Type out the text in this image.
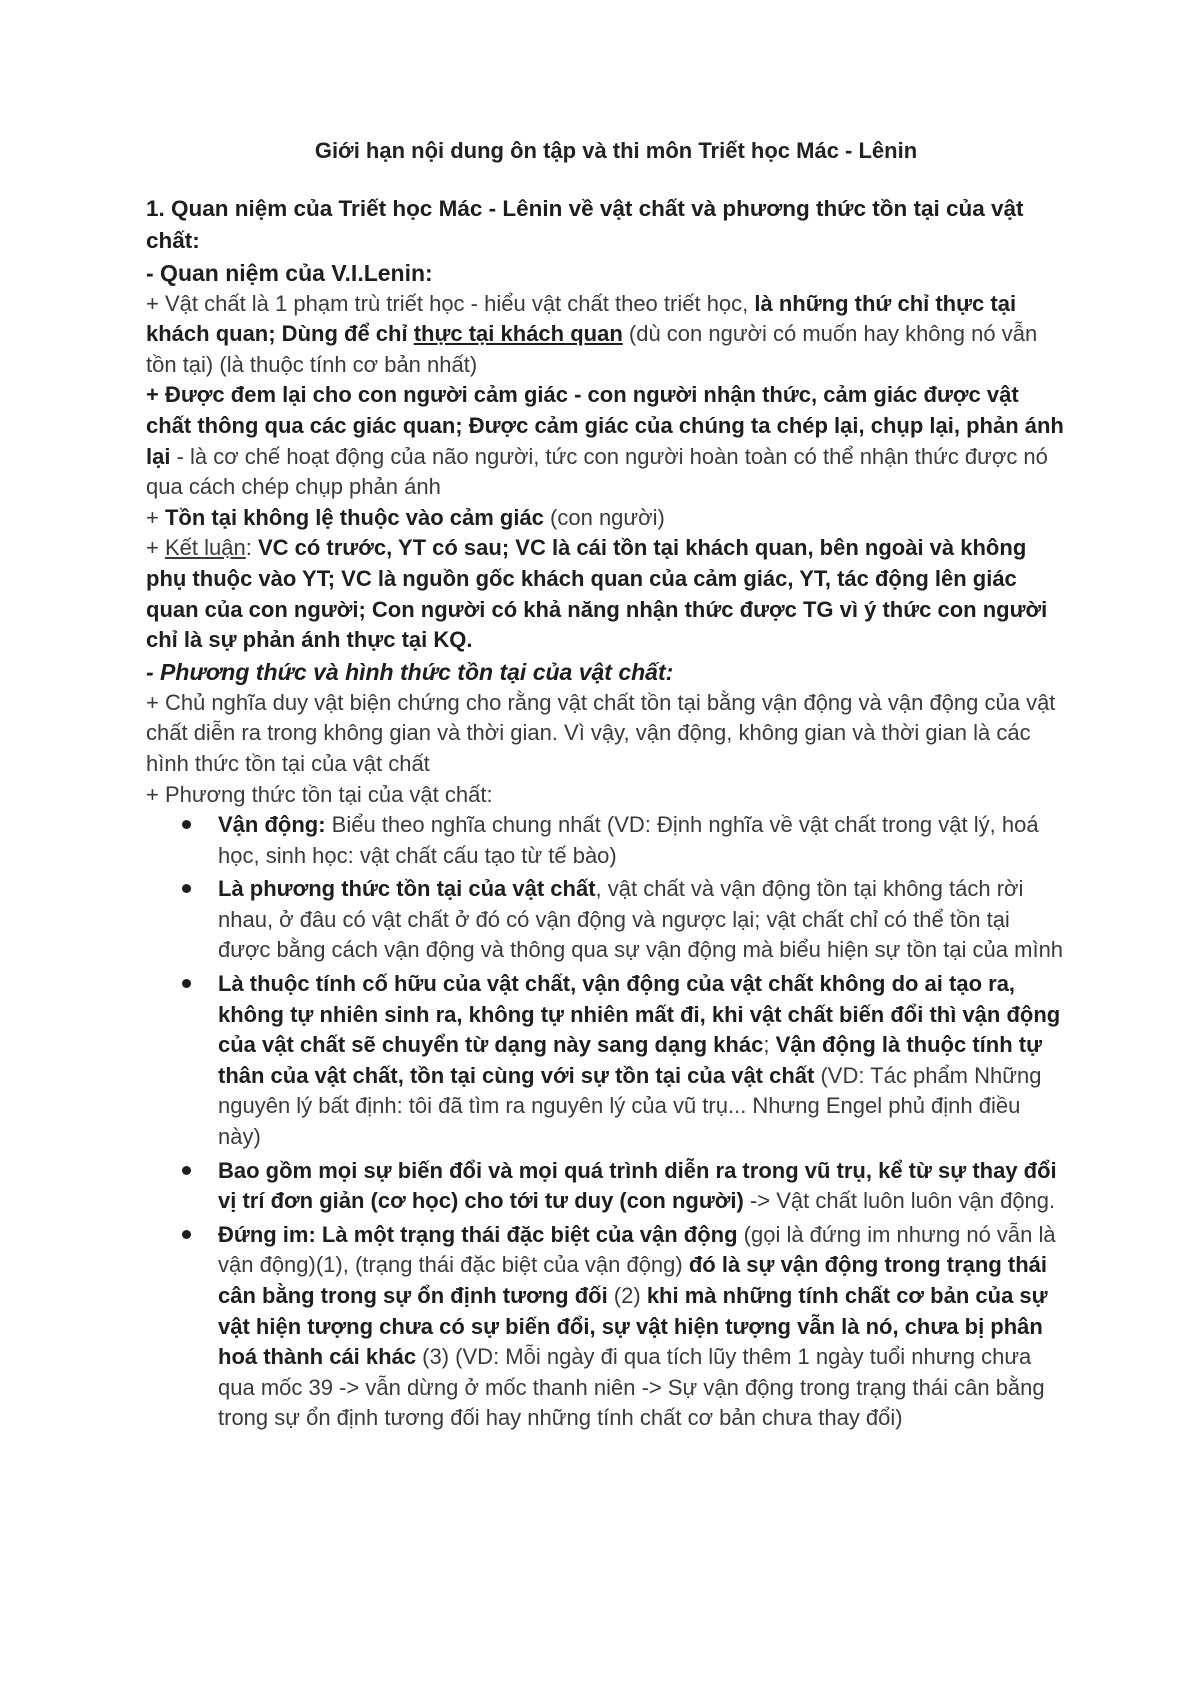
Giới hạn nội dung ôn tập và thi môn Triết học Mác - Lênin
1. Quan niệm của Triết học Mác - Lênin về vật chất và phương thức tồn tại của vật chất:
- Quan niệm của V.I.Lenin:

+ Vật chất là 1 phạm trù triết học - hiểu vật chất theo triết học, là những thứ chỉ thực tại khách quan; Dùng để chỉ thực tại khách quan (dù con người có muốn hay không nó vẫn tồn tại) (là thuộc tính cơ bản nhất)

+ Được đem lại cho con người cảm giác - con người nhận thức, cảm giác được vật chất thông qua các giác quan; Được cảm giác của chúng ta chép lại, chụp lại, phản ánh lại - là cơ chế hoạt động của não người, tức con người hoàn toàn có thể nhận thức được nó qua cách chép chụp phản ánh

+ Tồn tại không lệ thuộc vào cảm giác (con người)

+ Kết luận: VC có trước, YT có sau; VC là cái tồn tại khách quan, bên ngoài và không phụ thuộc vào YT; VC là nguồn gốc khách quan của cảm giác, YT, tác động lên giác quan của con người; Con người có khả năng nhận thức được TG vì ý thức con người chỉ là sự phản ánh thực tại KQ.

- Phương thức và hình thức tồn tại của vật chất:

+ Chủ nghĩa duy vật biện chứng cho rằng vật chất tồn tại bằng vận động và vận động của vật chất diễn ra trong không gian và thời gian. Vì vậy, vận động, không gian và thời gian là các hình thức tồn tại của vật chất

+ Phương thức tồn tại của vật chất:

Vận động: Biểu theo nghĩa chung nhất (VD: Định nghĩa về vật chất trong vật lý, hoá học, sinh học: vật chất cấu tạo từ tế bào)
Là phương thức tồn tại của vật chất, vật chất và vận động tồn tại không tách rời nhau, ở đâu có vật chất ở đó có vận động và ngược lại; vật chất chỉ có thể tồn tại được bằng cách vận động và thông qua sự vận động mà biểu hiện sự tồn tại của mình
Là thuộc tính cố hữu của vật chất, vận động của vật chất không do ai tạo ra, không tự nhiên sinh ra, không tự nhiên mất đi, khi vật chất biến đổi thì vận động của vật chất sẽ chuyển từ dạng này sang dạng khác; Vận động là thuộc tính tự thân của vật chất, tồn tại cùng với sự tồn tại của vật chất (VD: Tác phẩm Những nguyên lý bất định: tôi đã tìm ra nguyên lý của vũ trụ... Nhưng Engel phủ định điều này)
Bao gồm mọi sự biến đổi và mọi quá trình diễn ra trong vũ trụ, kể từ sự thay đổi vị trí đơn giản (cơ học) cho tới tư duy (con người) -> Vật chất luôn luôn vận động.
Đứng im: Là một trạng thái đặc biệt của vận động (gọi là đứng im nhưng nó vẫn là vận động)(1), (trạng thái đặc biệt của vận động) đó là sự vận động trong trạng thái cân bằng trong sự ổn định tương đối (2) khi mà những tính chất cơ bản của sự vật hiện tượng chưa có sự biến đổi, sự vật hiện tượng vẫn là nó, chưa bị phân hoá thành cái khác (3) (VD: Mỗi ngày đi qua tích lũy thêm 1 ngày tuổi nhưng chưa qua mốc 39 -> vẫn dừng ở mốc thanh niên -> Sự vận động trong trạng thái cân bằng trong sự ổn định tương đối hay những tính chất cơ bản chưa thay đổi)
